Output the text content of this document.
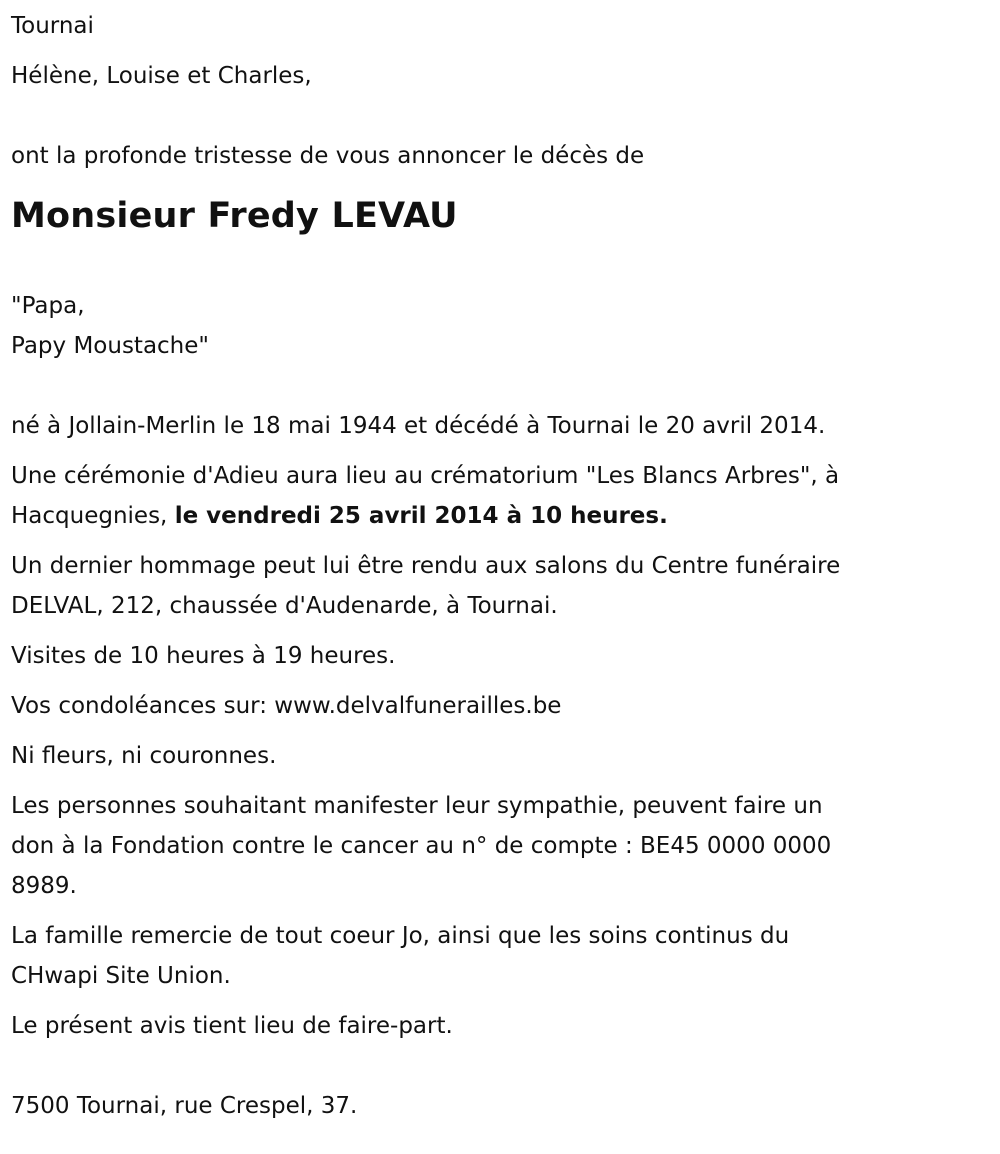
Tournai

Hélène, Louise et Charles,

ont la profonde tristesse de vous annoncer le décès de

Monsieur Fredy LEVAU

"Papa,

Papy Moustache"

né à Jollain-Merlin le 18 mai 1944 et décédé à Tournai le 20 avril 2014.

Une cérémonie d'Adieu aura lieu au crématorium "Les Blancs Arbres", à

Hacquegnies, le vendredi 25 avril 2014 à 10 heures.

Un dernier hommage peut lui être rendu aux salons du Centre funéraire

DELVAL, 212, chaussée d'Audenarde, à Tournai.

Visites de 10 heures à 19 heures.

Vos condoléances sur: www.delvalfunerailles.be

Ni fleurs, ni couronnes.

Les personnes souhaitant manifester leur sympathie, peuvent faire un

don à la Fondation contre le cancer au n° de compte : BE45 0000 0000

8989.

La famille remercie de tout coeur Jo, ainsi que les soins continus du

CHwapi Site Union.

Le présent avis tient lieu de faire-part.

7500 Tournai, rue Crespel, 37.
